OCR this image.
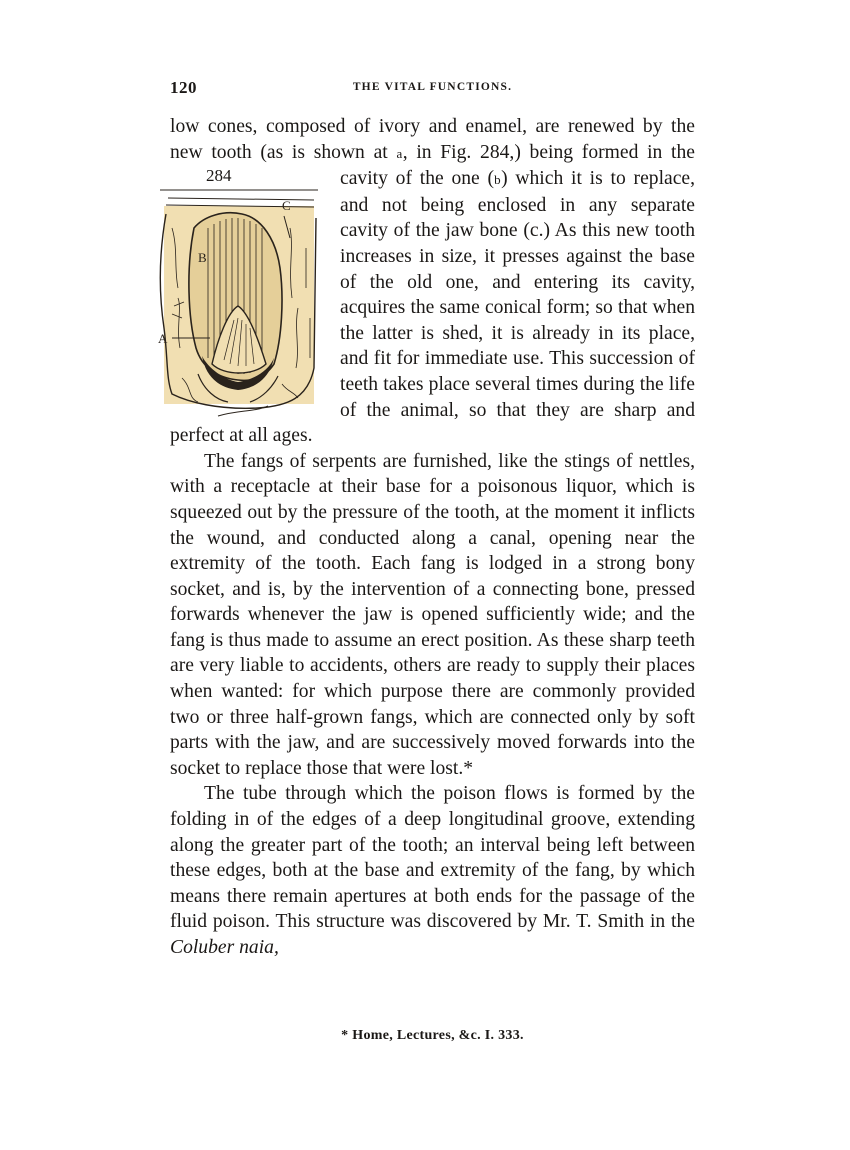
120	THE VITAL FUNCTIONS.

low cones, composed of ivory and enamel, are renewed by the new tooth (as is shown at a, in Fig. 284,) being formed in the cavity of the one (
284
B
C
A
b) which it is to replace, and not being enclosed in any separate cavity of the jaw bone (c.) As this new tooth increases in size, it presses against the base of the old one, and entering its cavity, acquires the same conical form; so that when the latter is shed, it is already in its place, and fit for immediate use. This succession of teeth takes place several times during the life of the animal, so that they are sharp and perfect at all ages.

The fangs of serpents are furnished, like the stings of nettles, with a receptacle at their base for a poisonous liquor, which is squeezed out by the pressure of the tooth, at the moment it inflicts the wound, and conducted along a canal, opening near the extremity of the tooth. Each fang is lodged in a strong bony socket, and is, by the intervention of a connecting bone, pressed forwards whenever the jaw is opened sufficiently wide; and the fang is thus made to assume an erect position. As these sharp teeth are very liable to accidents, others are ready to supply their places when wanted: for which purpose there are commonly provided two or three half-grown fangs, which are connected only by soft parts with the jaw, and are successively moved forwards into the socket to replace those that were lost.*

The tube through which the poison flows is formed by the folding in of the edges of a deep longitudinal groove, extending along the greater part of the tooth; an interval being left between these edges, both at the base and extremity of the fang, by which means there remain apertures at both ends for the passage of the fluid poison. This structure was discovered by Mr. T. Smith in the Coluber naia,

* Home, Lectures, &c. I. 333.
